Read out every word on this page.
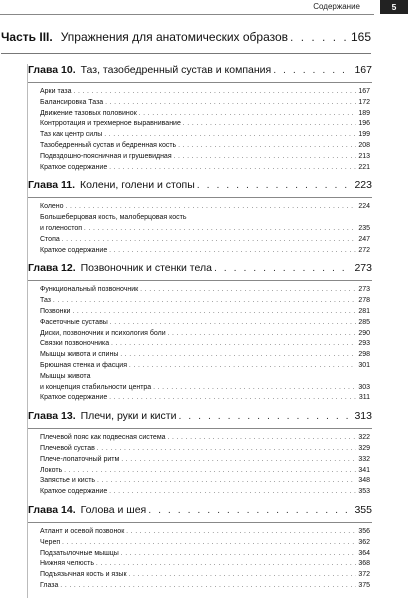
Содержание	5
Часть III. Упражнения для анатомических образов . . .	165
Глава 10. Таз, тазобедренный сустав и компания . . .	167
Арки таза . . .	167
Балансировка Таза . . .	172
Движение тазовых половинок . . .	189
Контрротация и трехмерное выравнивание . . .	196
Таз как центр силы . . .	199
Тазобедренный сустав и бедренная кость . . .	208
Подвздошно-поясничная и грушевидная . . .	213
Краткое содержание . . .	221
Глава 11. Колени, голени и стопы . . .	223
Колено . . .	224
Большеберцовая кость, малоберцовая кость
и голеностоп . . .	235
Стопа . . .	247
Краткое содержание . . .	272
Глава 12. Позвоночник и стенки тела . . .	273
Функциональный позвоночник . . .	273
Таз . . .	278
Позвонки . . .	281
Фасеточные суставы . . .	285
Диски, позвоночник и психология боли . . .	290
Связки позвоночника . . .	293
Мышцы живота и спины . . .	298
Брюшная стенка и фасция . . .	301
Мышцы живота
и концепция стабильности центра . . .	303
Краткое содержание . . .	311
Глава 13. Плечи, руки и кисти . . .	313
Плечевой пояс как подвесная система . . .	322
Плечевой сустав . . .	329
Плече-лопаточный ритм . . .	332
Локоть . . .	341
Запястье и кисть . . .	348
Краткое содержание . . .	353
Глава 14. Голова и шея . . .	355
Атлант и осевой позвонок . . .	356
Череп . . .	362
Подзатылочные мышцы . . .	364
Нижняя челюсть . . .	368
Подъязычная кость и язык . . .	372
Глаза . . .	375
